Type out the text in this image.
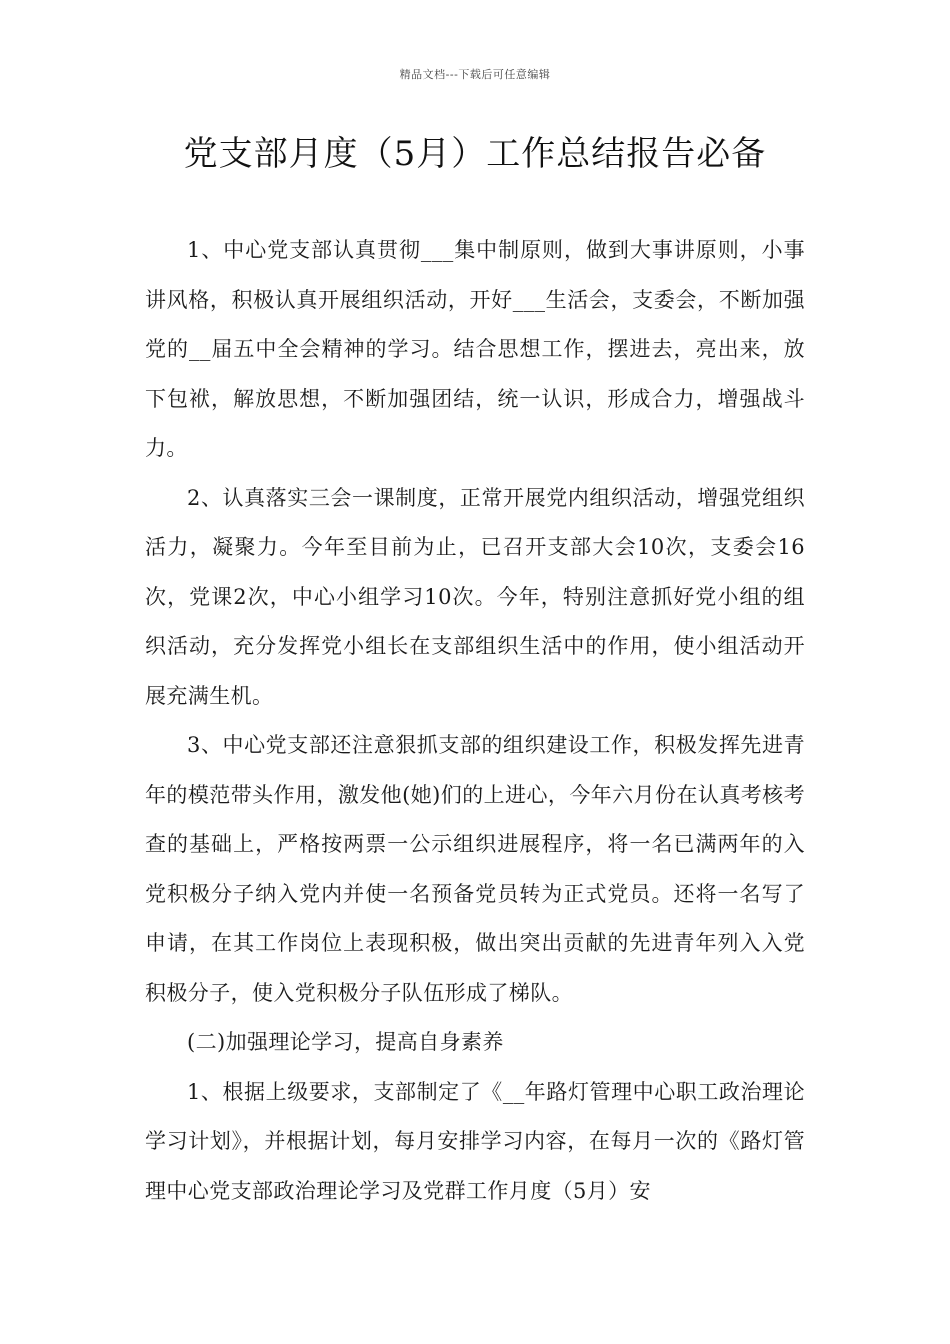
精品文档---下载后可任意编辑
党支部月度（5月）工作总结报告必备

1、中心党支部认真贯彻___集中制原则，做到大事讲原则，小事讲风格，积极认真开展组织活动，开好___生活会，支委会，不断加强党的__届五中全会精神的学习。结合思想工作，摆进去，亮出来，放下包袱，解放思想，不断加强团结，统一认识，形成合力，增强战斗力。

2、认真落实三会一课制度，正常开展党内组织活动，增强党组织活力，凝聚力。今年至目前为止，已召开支部大会10次，支委会16次，党课2次，中心小组学习10次。今年，特别注意抓好党小组的组织活动，充分发挥党小组长在支部组织生活中的作用，使小组活动开展充满生机。

3、中心党支部还注意狠抓支部的组织建设工作，积极发挥先进青年的模范带头作用，激发他(她)们的上进心，今年六月份在认真考核考查的基础上，严格按两票一公示组织进展程序，将一名已满两年的入党积极分子纳入党内并使一名预备党员转为正式党员。还将一名写了申请，在其工作岗位上表现积极，做出突出贡献的先进青年列入入党积极分子，使入党积极分子队伍形成了梯队。

(二)加强理论学习，提高自身素养

1、根据上级要求，支部制定了《__年路灯管理中心职工政治理论学习计划》，并根据计划，每月安排学习内容，在每月一次的《路灯管理中心党支部政治理论学习及党群工作月度（5月）安
